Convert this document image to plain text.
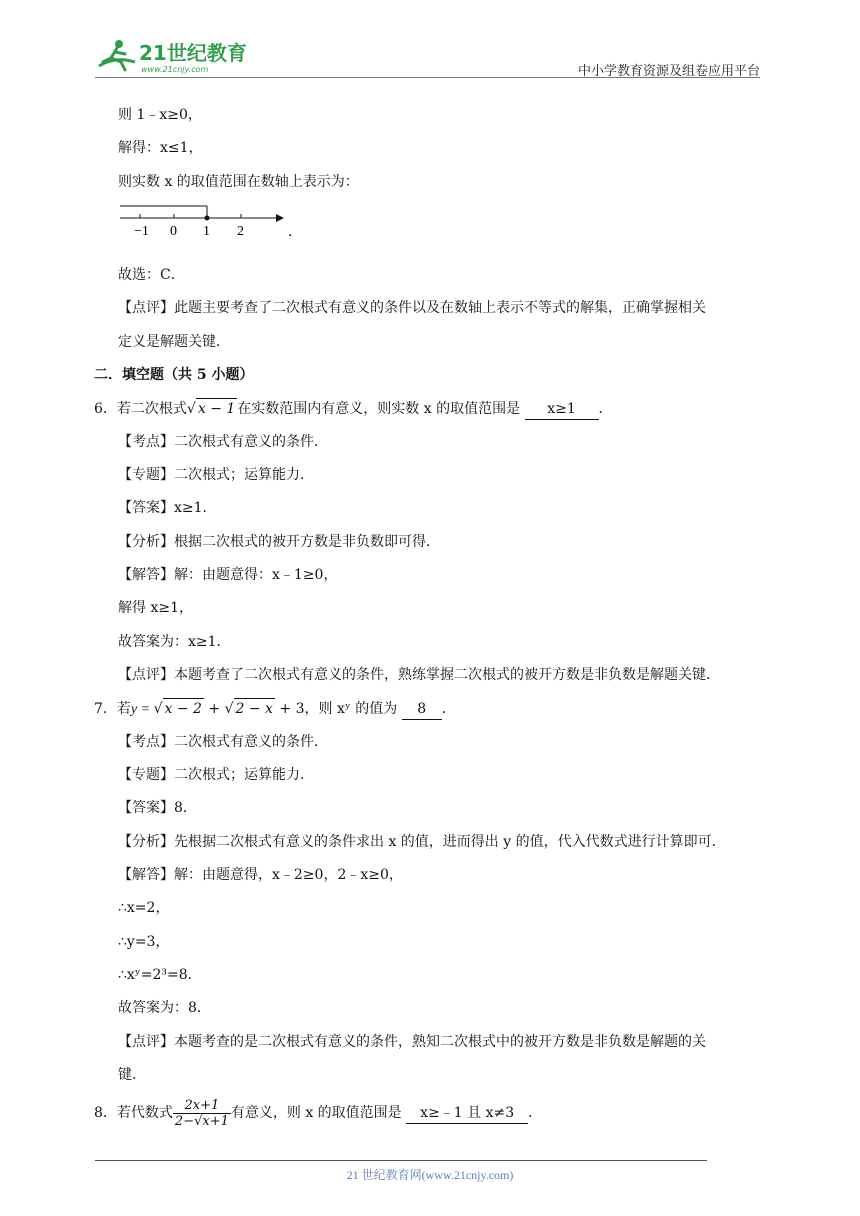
21世纪教育
www.21cnjy.com	中小学教育资源及组卷应用平台
则 1﹣x≥0，
解得：x≤1，
则实数 x 的取值范围在数轴上表示为：
−1 0 1 2	．
故选：C．
【点评】此题主要考查了二次根式有意义的条件以及在数轴上表示不等式的解集，正确掌握相关
定义是解题关键．
二．填空题（共 5 小题）
6．若二次根式√ x − 1 在实数范围内有意义，则实数 x 的取值范围是 x≥1 ．
【考点】二次根式有意义的条件．
【专题】二次根式；运算能力．
【答案】x≥1．
【分析】根据二次根式的被开方数是非负数即可得．
【解答】解：由题意得：x﹣1≥0，
解得 x≥1，
故答案为：x≥1．
【点评】本题考查了二次根式有意义的条件，熟练掌握二次根式的被开方数是非负数是解题关键．
7．若y = √ x − 2 + √ 2 − x + 3，则 xʸ 的值为 8 ．
【考点】二次根式有意义的条件．
【专题】二次根式；运算能力．
【答案】8．
【分析】先根据二次根式有意义的条件求出 x 的值，进而得出 y 的值，代入代数式进行计算即可．
【解答】解：由题意得，x﹣2≥0，2﹣x≥0，
∴x=2，
∴y=3，
∴xʸ=2³=8．
故答案为：8．
【点评】本题考查的是二次根式有意义的条件，熟知二次根式中的被开方数是非负数是解题的关
键．
8．若代数式 $\frac{2x+1}{2-√x+1}$ 有意义，则 x 的取值范围是 x≥﹣1 且 x≠3 ．
21 世纪教育网(www.21cnjy.com)
